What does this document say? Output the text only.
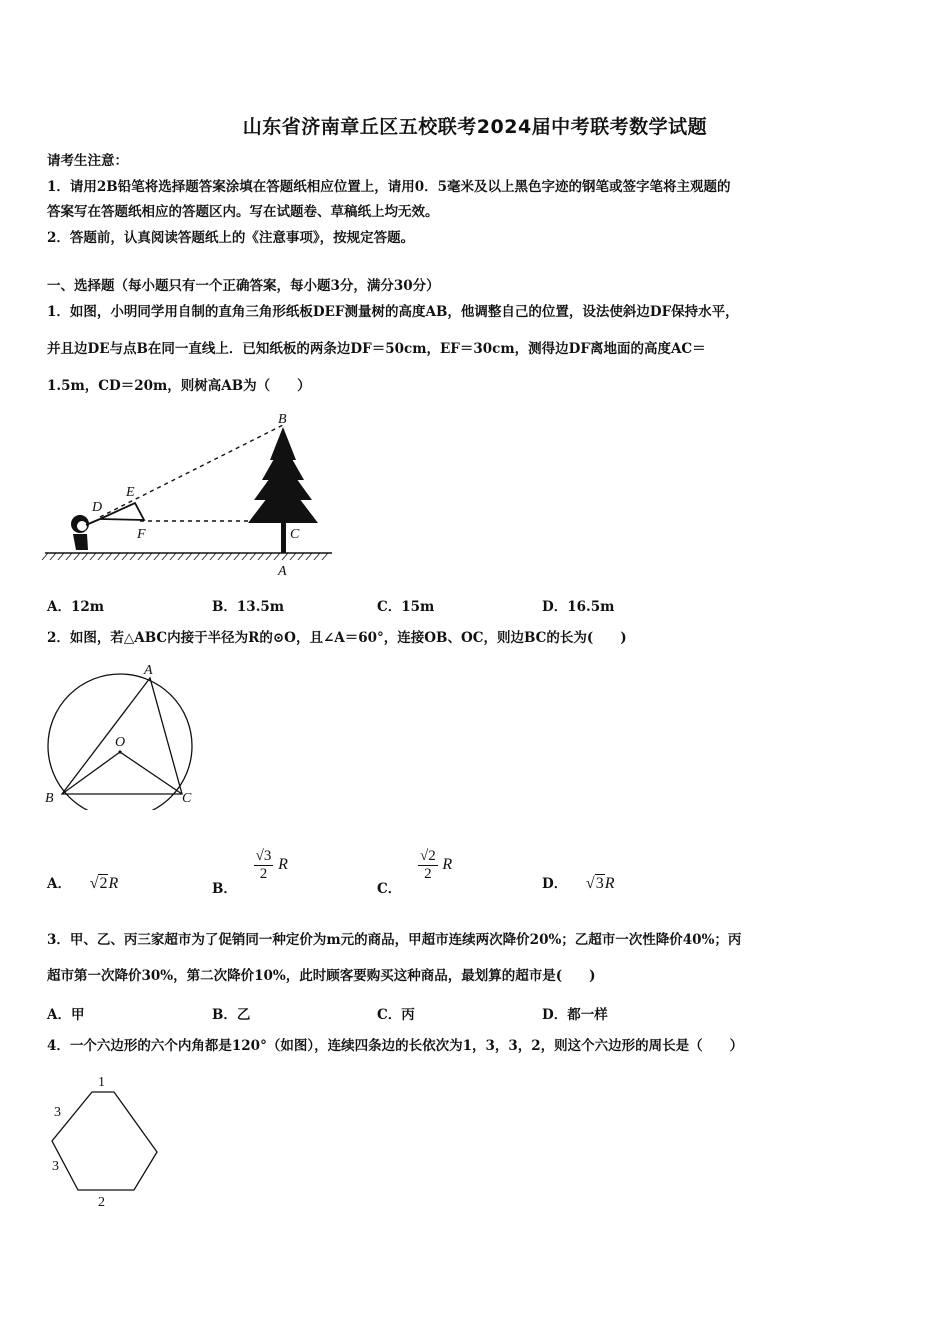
山东省济南章丘区五校联考2024届中考联考数学试题
请考生注意：
1．请用2B铅笔将选择题答案涂填在答题纸相应位置上，请用0．5毫米及以上黑色字迹的钢笔或签字笔将主观题的
答案写在答题纸相应的答题区内。写在试题卷、草稿纸上均无效。
2．答题前，认真阅读答题纸上的《注意事项》，按规定答题。
一、选择题（每小题只有一个正确答案，每小题3分，满分30分）
1．如图，小明同学用自制的直角三角形纸板DEF测量树的高度AB，他调整自己的位置，设法使斜边DF保持水平，
并且边DE与点B在同一直线上．已知纸板的两条边DF＝50cm，EF＝30cm，测得边DF离地面的高度AC＝
1.5m，CD＝20m，则树高AB为（　　）
B
E
D
F	C
A
A．12m	B．13.5m	C．15m	D．16.5m
2．如图，若△ABC内接于半径为R的⊙O，且∠A＝60°，连接OB、OC，则边BC的长为(　　)
A
O
B	C
A． √2R	B．
$\frac{√3}{2}$ R
C．
$\frac{√2}{2}$ R
D． √3R
3．甲、乙、丙三家超市为了促销同一种定价为m元的商品，甲超市连续两次降价20%；乙超市一次性降价40%；丙
超市第一次降价30%，第二次降价10%，此时顾客要购买这种商品，最划算的超市是(　　)
A．甲	B．乙	C．丙	D．都一样
4．一个六边形的六个内角都是120°（如图），连续四条边的长依次为1，3，3，2，则这个六边形的周长是（　　）
1
3
3
2
